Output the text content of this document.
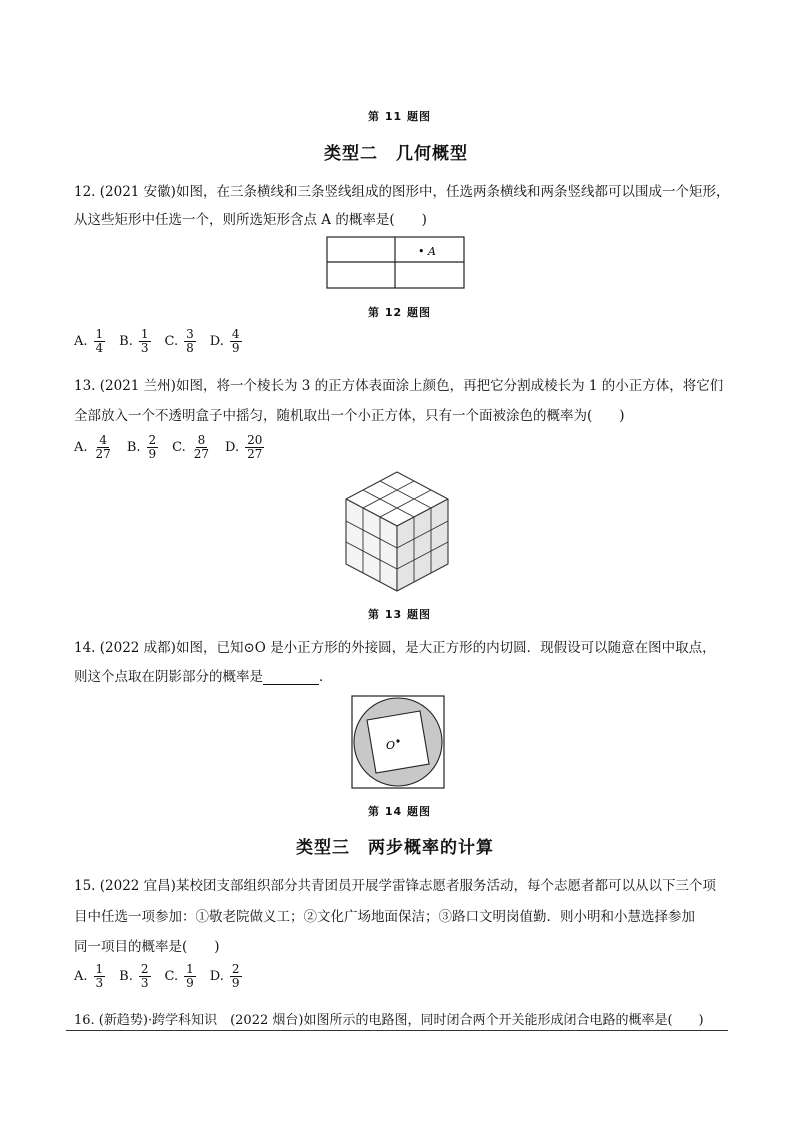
第 11 题图
类型二　几何概型
12. (2021 安徽)如图，在三条横线和三条竖线组成的图形中，任选两条横线和两条竖线都可以围成一个矩形，
从这些矩形中任选一个，则所选矩形含点 A 的概率是(　　)
• A
第 12 题图
A. $\frac{1}{4} B$. $\frac{1}{3} C$. $\frac{3}{8} D$. $\frac{4}{9}$
13. (2021 兰州)如图，将一个棱长为 3 的正方体表面涂上颜色，再把它分割成棱长为 1 的小正方体，将它们
全部放入一个不透明盒子中摇匀，随机取出一个小正方体，只有一个面被涂色的概率为(　　)
A. $\frac{4}{27} B$. $\frac{2}{9} C$. $\frac{8}{27} D$. $\frac{20}{27}$
第 13 题图
14. (2022 成都)如图，已知⊙O 是小正方形的外接圆，是大正方形的内切圆．现假设可以随意在图中取点，
则这个点取在阴影部分的概率是	．
O
第 14 题图
类型三　两步概率的计算
15. (2022 宜昌)某校团支部组织部分共青团员开展学雷锋志愿者服务活动，每个志愿者都可以从以下三个项
目中任选一项参加：①敬老院做义工；②文化广场地面保洁；③路口文明岗值勤．则小明和小慧选择参加
同一项目的概率是(　　)
A. $\frac{1}{3} B$. $\frac{2}{3} C$. $\frac{1}{9} D$. $\frac{2}{9}$
16. (新趋势)·跨学科知识　(2022 烟台)如图所示的电路图，同时闭合两个开关能形成闭合电路的概率是(　　)
